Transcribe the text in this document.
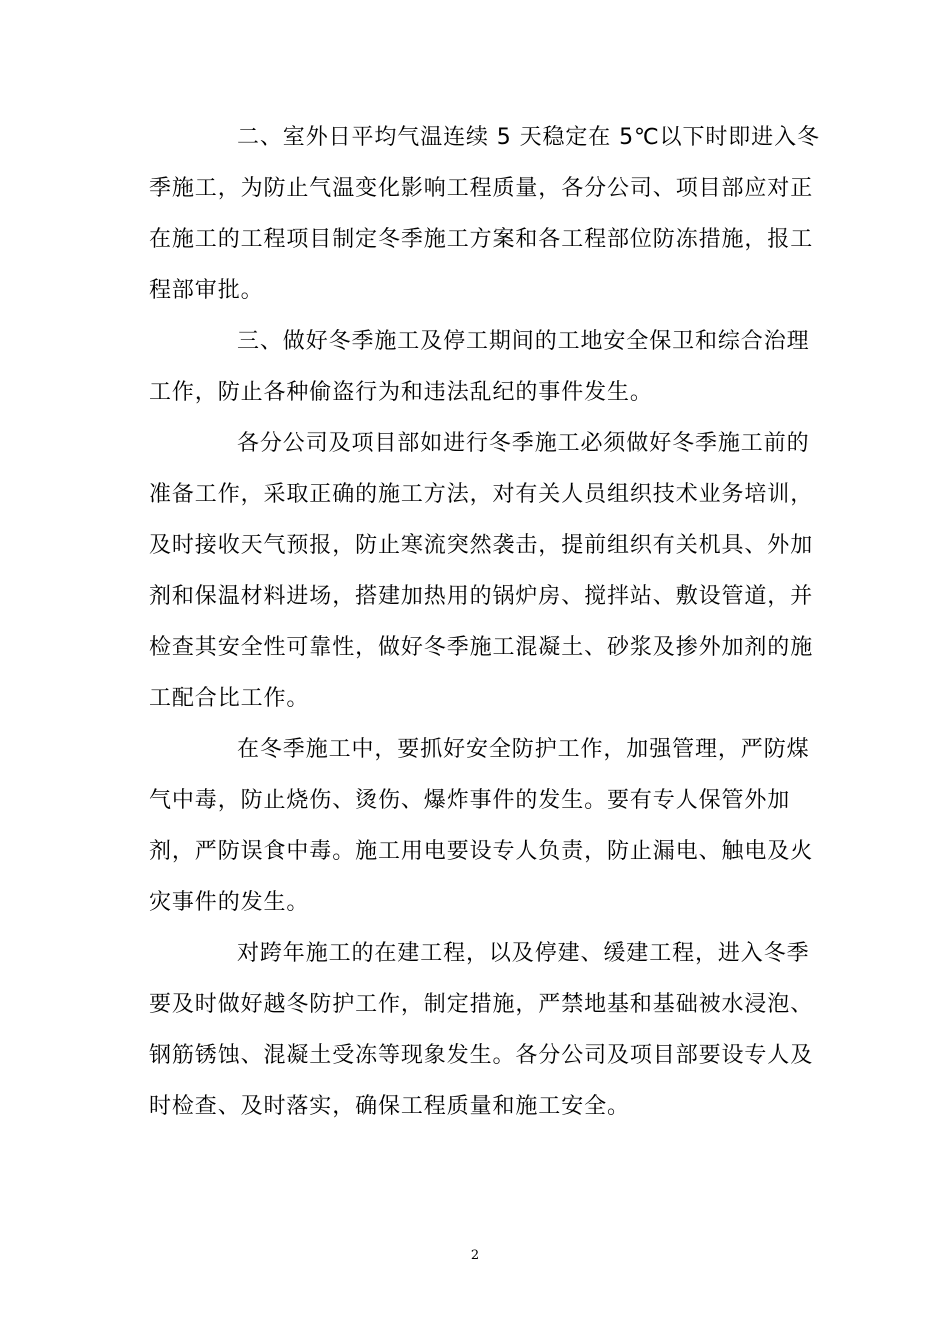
二、室外日平均气温连续 5 天稳定在 5℃以下时即进入冬
季施工，为防止气温变化影响工程质量，各分公司、项目部应对正
在施工的工程项目制定冬季施工方案和各工程部位防冻措施，报工
程部审批。
三、做好冬季施工及停工期间的工地安全保卫和综合治理
工作，防止各种偷盗行为和违法乱纪的事件发生。
各分公司及项目部如进行冬季施工必须做好冬季施工前的
准备工作，采取正确的施工方法，对有关人员组织技术业务培训，
及时接收天气预报，防止寒流突然袭击，提前组织有关机具、外加
剂和保温材料进场，搭建加热用的锅炉房、搅拌站、敷设管道，并
检查其安全性可靠性，做好冬季施工混凝土、砂浆及掺外加剂的施
工配合比工作。
在冬季施工中，要抓好安全防护工作，加强管理，严防煤
气中毒，防止烧伤、烫伤、爆炸事件的发生。要有专人保管外加
剂，严防误食中毒。施工用电要设专人负责，防止漏电、触电及火
灾事件的发生。
对跨年施工的在建工程，以及停建、缓建工程，进入冬季
要及时做好越冬防护工作，制定措施，严禁地基和基础被水浸泡、
钢筋锈蚀、混凝土受冻等现象发生。各分公司及项目部要设专人及
时检查、及时落实，确保工程质量和施工安全。
2
